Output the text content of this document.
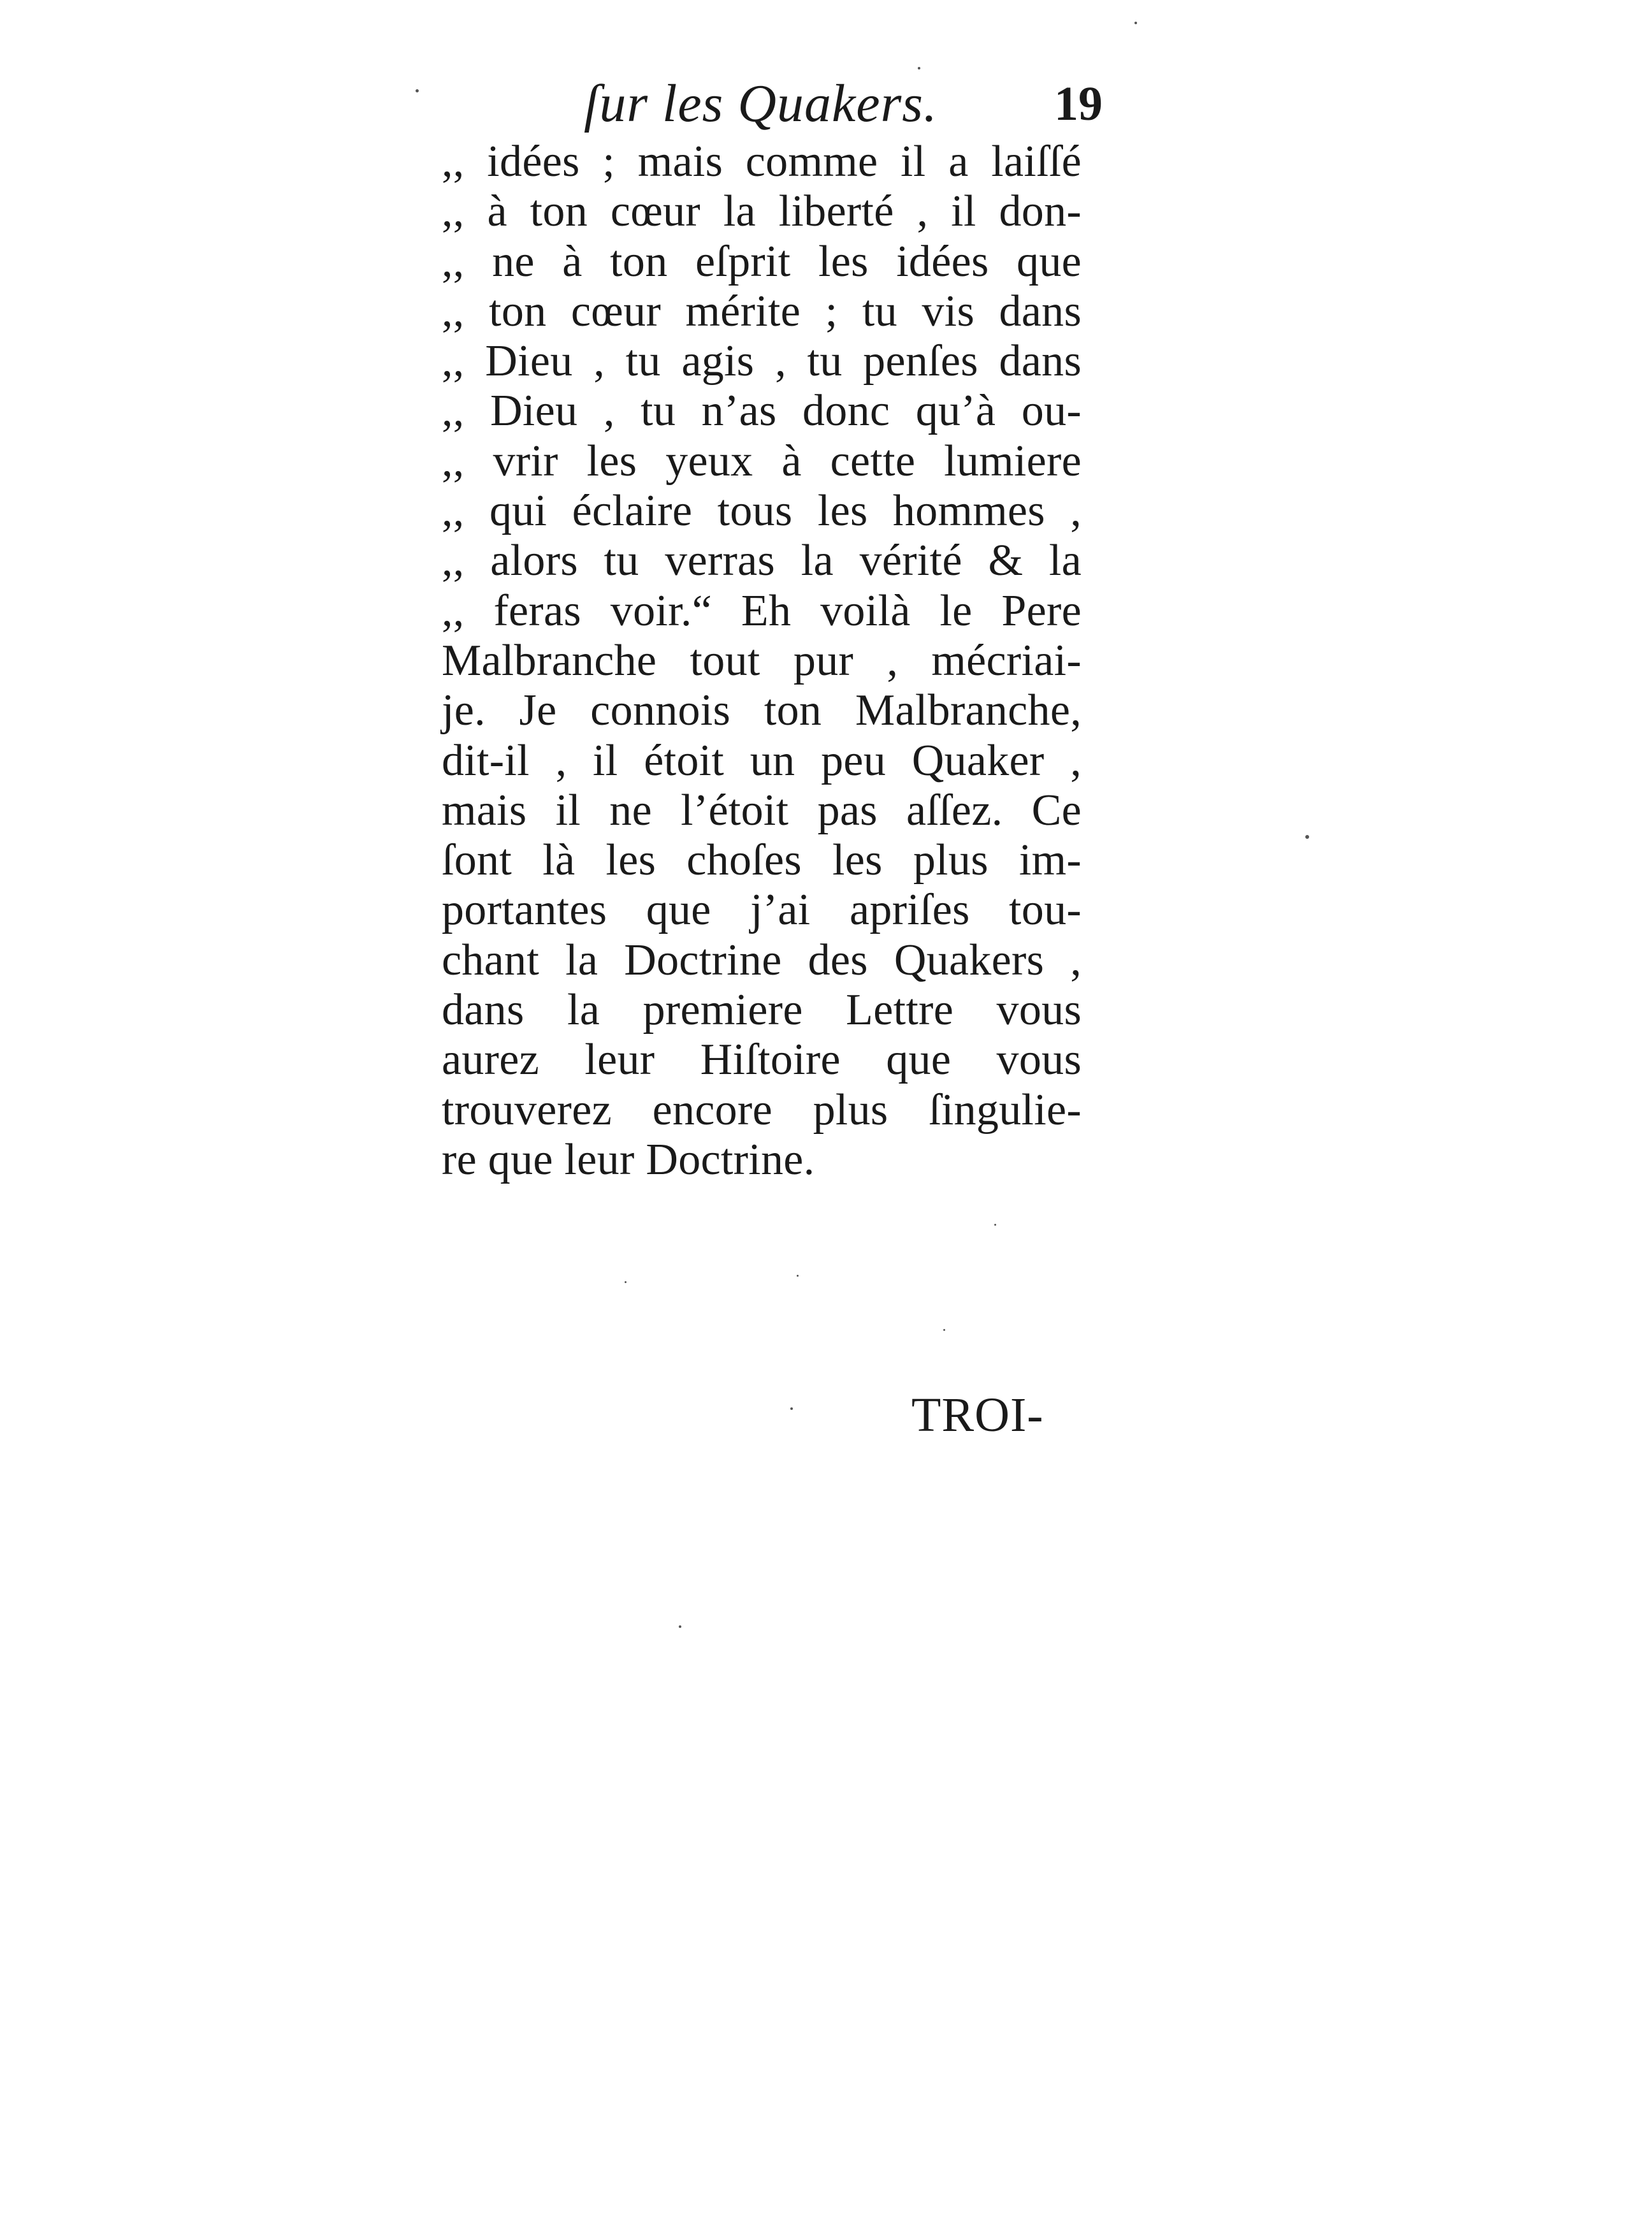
ſur les Quakers. 19
,, idées ; mais comme il a laiſſé
,, à ton cœur la liberté , il don-
,, ne à ton eſprit les idées que
,, ton cœur mérite ; tu vis dans
,, Dieu , tu agis , tu penſes dans
,, Dieu , tu n’as donc qu’à ou-
,, vrir les yeux à cette lumiere
,, qui éclaire tous les hommes ,
,, alors tu verras la vérité & la
,, feras voir.“ Eh voilà le Pere
Malbranche tout pur , mécriai-
je. Je connois ton Malbranche,
dit-il , il étoit un peu Quaker ,
mais il ne l’étoit pas aſſez. Ce
ſont là les choſes les plus im-
portantes que j’ai apriſes tou-
chant la Doctrine des Quakers ,
dans la premiere Lettre vous
aurez leur Hiſtoire que vous
trouverez encore plus ſingulie-
re que leur Doctrine.
TROI-
